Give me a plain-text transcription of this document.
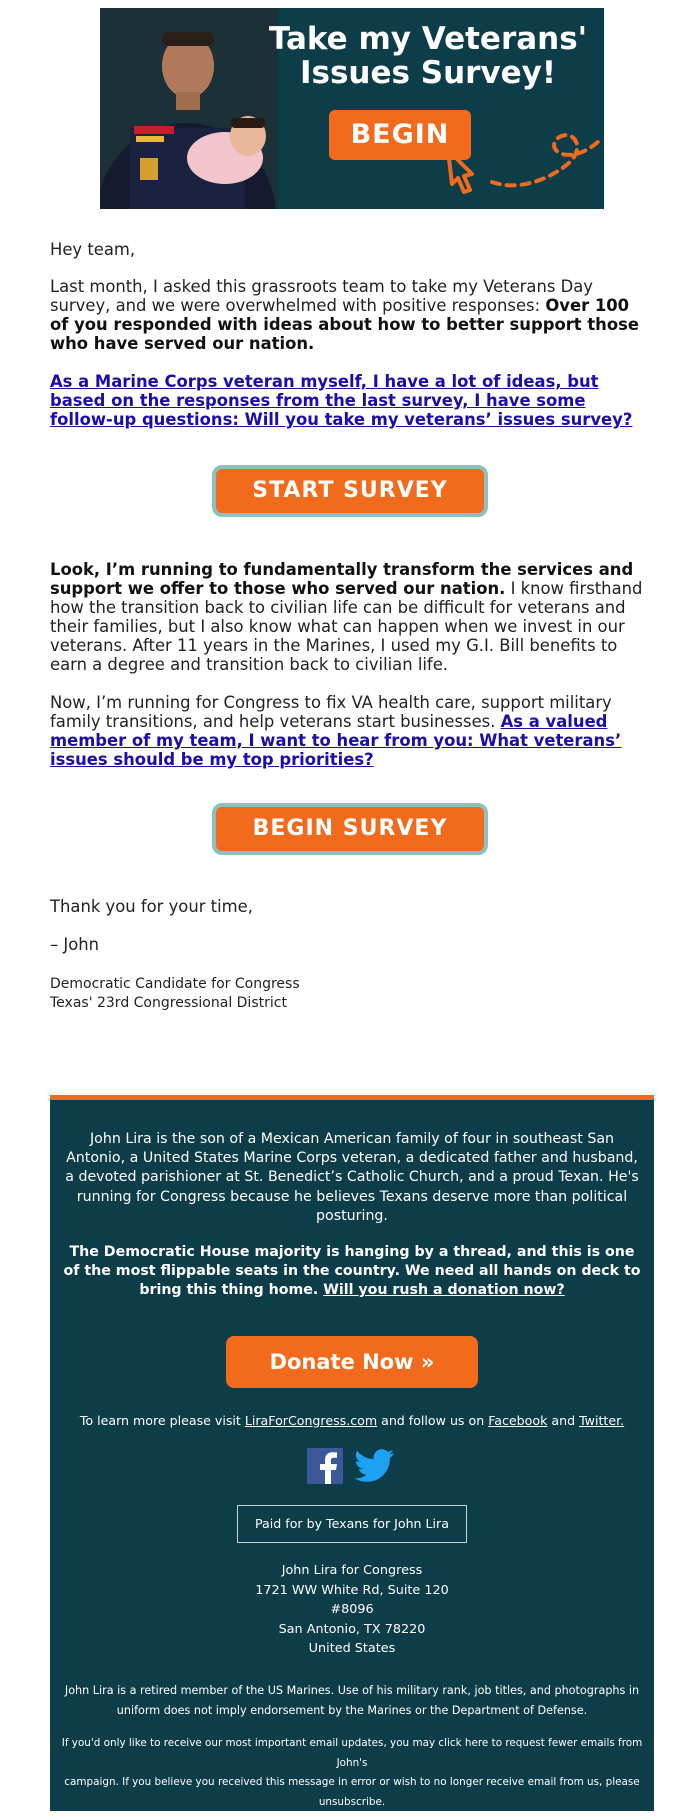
Take my Veterans'
Issues Survey!
BEGIN

Hey team,

Last month, I asked this grassroots team to take my Veterans Day survey, and we were overwhelmed with positive responses: Over 100 of you responded with ideas about how to better support those who have served our nation.

As a Marine Corps veteran myself, I have a lot of ideas, but based on the responses from the last survey, I have some follow-up questions: Will you take my veterans’ issues survey?

START SURVEY

Look, I’m running to fundamentally transform the services and support we offer to those who served our nation. I know firsthand how the transition back to civilian life can be difficult for veterans and their families, but I also know what can happen when we invest in our veterans. After 11 years in the Marines, I used my G.I. Bill benefits to earn a degree and transition back to civilian life.

Now, I’m running for Congress to fix VA health care, support military family transitions, and help veterans start businesses. As a valued member of my team, I want to hear from you: What veterans’ issues should be my top priorities?

BEGIN SURVEY
Thank you for your time,
– John
Democratic Candidate for Congress
Texas' 23rd Congressional District
John Lira is the son of a Mexican American family of four in southeast San Antonio, a United States Marine Corps veteran, a dedicated father and husband, a devoted parishioner at St. Benedict’s Catholic Church, and a proud Texan. He's running for Congress because he believes Texans deserve more than political posturing.
The Democratic House majority is hanging by a thread, and this is one of the most flippable seats in the country. We need all hands on deck to bring this thing home. Will you rush a donation now?
Donate Now »
To learn more please visit LiraForCongress.com and follow us on Facebook and Twitter.
Paid for by Texans for John Lira
John Lira for Congress
1721 WW White Rd, Suite 120
#8096
San Antonio, TX 78220
United States
John Lira is a retired member of the US Marines. Use of his military rank, job titles, and photographs in uniform does not imply endorsement by the Marines or the Department of Defense.
If you'd only like to receive our most important email updates, you may click here to request fewer emails from John's
campaign. If you believe you received this message in error or wish to no longer receive email from us, please
unsubscribe.
